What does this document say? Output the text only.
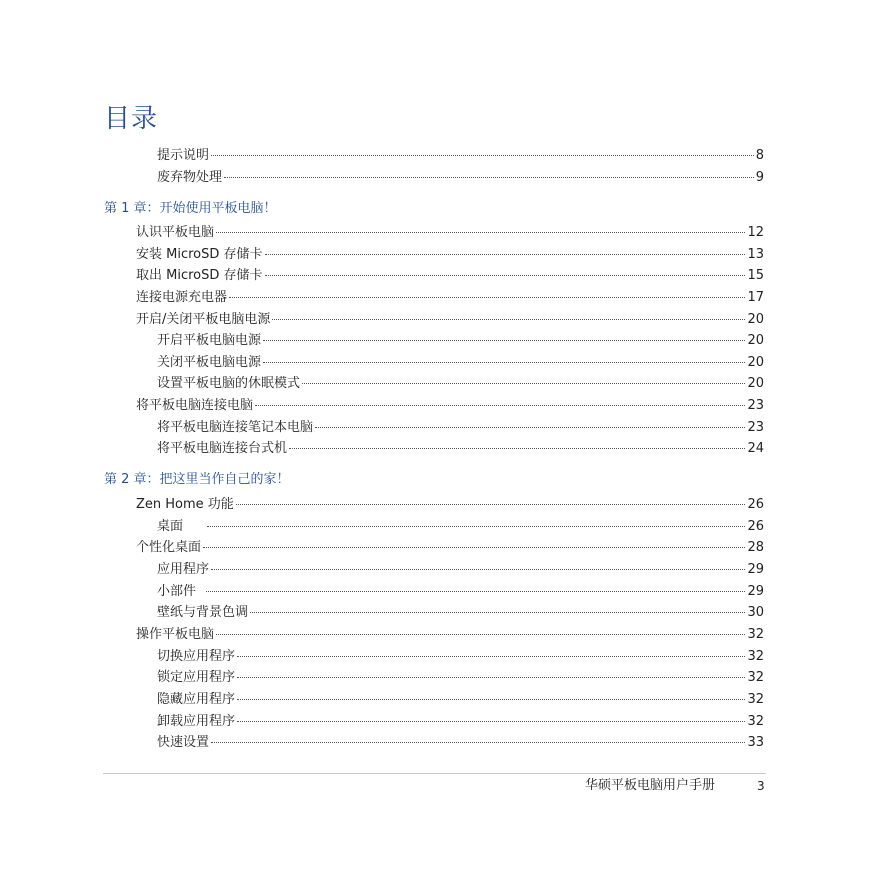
目录
提示说明	8
废弃物处理	9
第 1 章：开始使用平板电脑！
认识平板电脑	12
安装 MicroSD 存储卡	13
取出 MicroSD 存储卡	15
连接电源充电器	17
开启/关闭平板电脑电源	20
开启平板电脑电源	20
关闭平板电脑电源	20
设置平板电脑的休眠模式	20
将平板电脑连接电脑	23
将平板电脑连接笔记本电脑	23
将平板电脑连接台式机	24
第 2 章：把这里当作自己的家！
Zen Home 功能	26
桌面	26
个性化桌面	28
应用程序	29
小部件	29
壁纸与背景色调	30
操作平板电脑	32
切换应用程序	32
锁定应用程序	32
隐藏应用程序	32
卸载应用程序	32
快速设置	33
华硕平板电脑用户手册	3
